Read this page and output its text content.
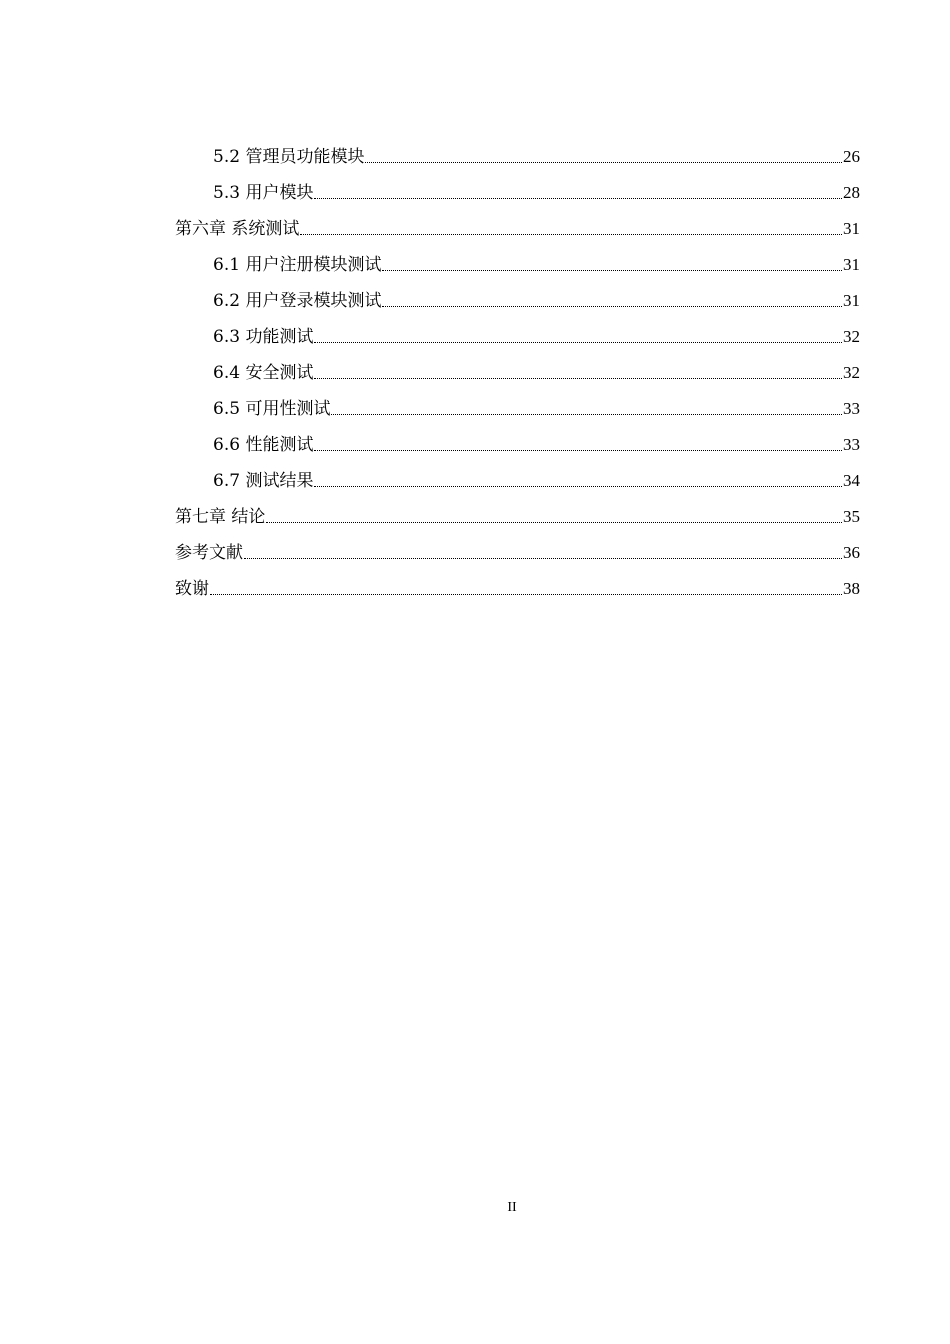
5.2 管理员功能模块	26
5.3 用户模块	28
第六章 系统测试	31
6.1 用户注册模块测试	31
6.2 用户登录模块测试	31
6.3 功能测试	32
6.4 安全测试	32
6.5 可用性测试	33
6.6 性能测试	33
6.7 测试结果	34
第七章 结论	35
参考文献	36
致谢	38
II
